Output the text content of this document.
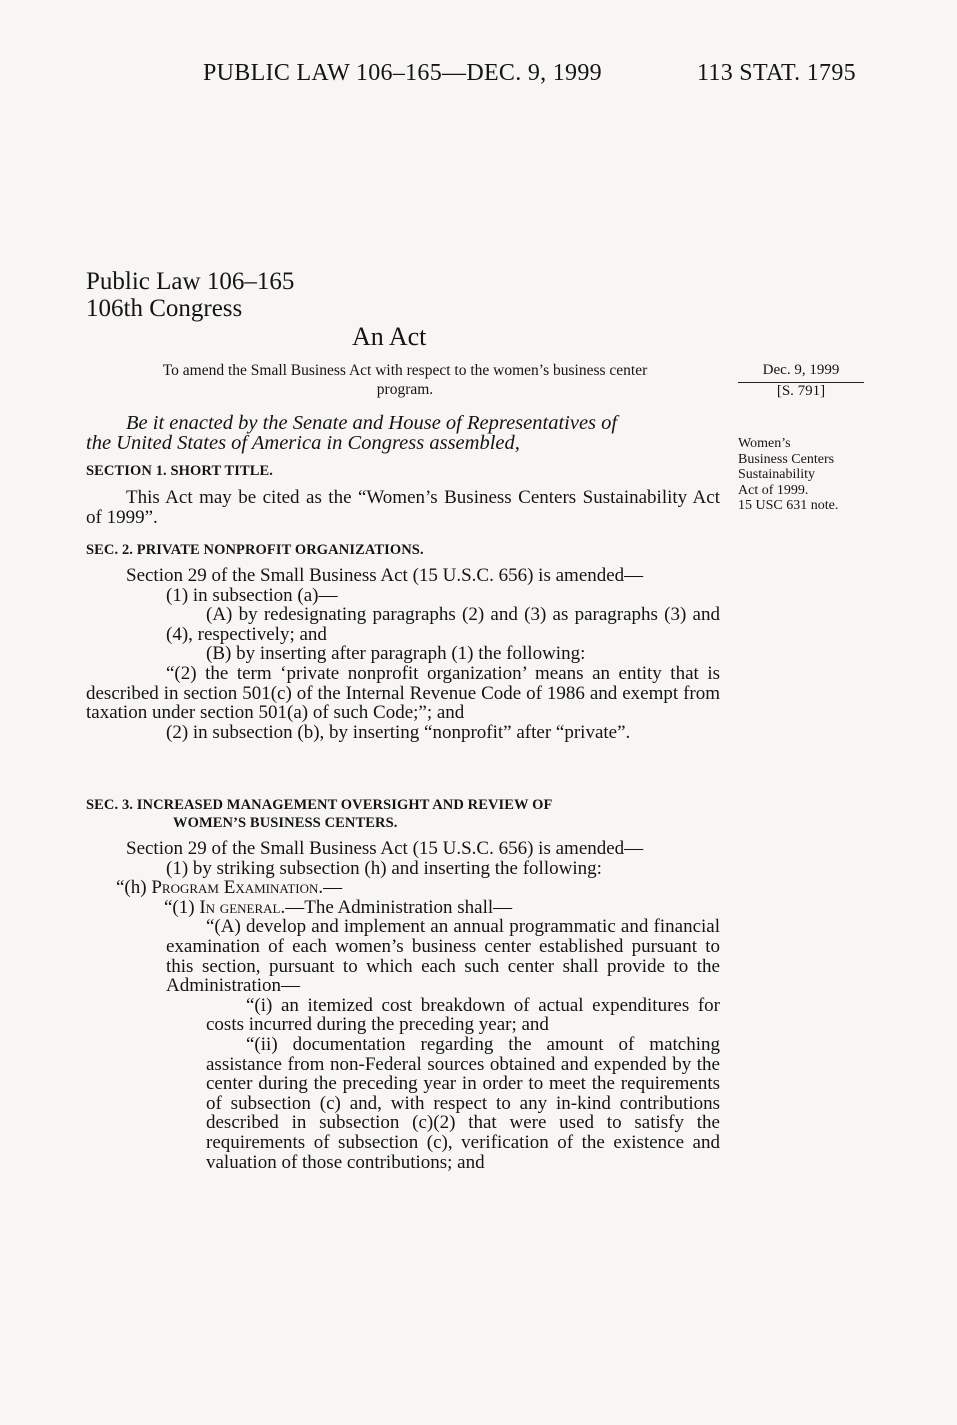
PUBLIC LAW 106–165—DEC. 9, 1999	113 STAT. 1795
Public Law 106–165
106th Congress
An Act
To amend the Small Business Act with respect to the women’s business center
program.
Dec. 9, 1999
[S. 791]
Women’s
Business Centers
Sustainability
Act of 1999.
15 USC 631 note.
Be it enacted by the Senate and House of Representatives of
the United States of America in Congress assembled,
SECTION 1. SHORT TITLE.

This Act may be cited as the “Women’s Business Centers Sustainability Act of 1999”.

SEC. 2. PRIVATE NONPROFIT ORGANIZATIONS.

Section 29 of the Small Business Act (15 U.S.C. 656) is amended—

(1) in subsection (a)—

(A) by redesignating paragraphs (2) and (3) as paragraphs (3) and (4), respectively; and

(B) by inserting after paragraph (1) the following:

“(2) the term ‘private nonprofit organization’ means an entity that is described in section 501(c) of the Internal Revenue Code of 1986 and exempt from taxation under section 501(a) of such Code;”; and

(2) in subsection (b), by inserting “nonprofit” after “private”.

SEC. 3. INCREASED MANAGEMENT OVERSIGHT AND REVIEW OF
WOMEN’S BUSINESS CENTERS.

Section 29 of the Small Business Act (15 U.S.C. 656) is amended—

(1) by striking subsection (h) and inserting the following:

“(h) Program Examination.—

“(1) In general.—The Administration shall—

“(A) develop and implement an annual programmatic and financial examination of each women’s business center established pursuant to this section, pursuant to which each such center shall provide to the Administration—

“(i) an itemized cost breakdown of actual expenditures for costs incurred during the preceding year; and

“(ii) documentation regarding the amount of matching assistance from non-Federal sources obtained and expended by the center during the preceding year in order to meet the requirements of subsection (c) and, with respect to any in-kind contributions described in subsection (c)(2) that were used to satisfy the requirements of subsection (c), verification of the existence and valuation of those contributions; and
